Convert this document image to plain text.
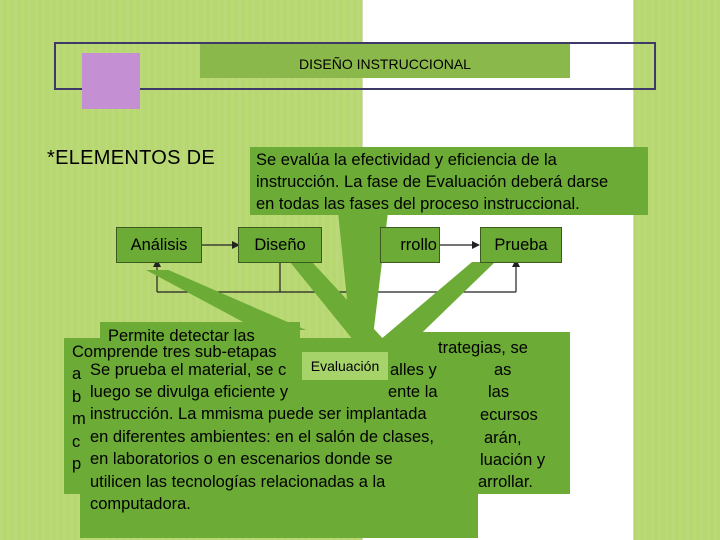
DISEÑO INSTRUCCIONAL
*ELEMENTOS DE
Análisis	Diseño	rrollo	Prueba
Se evalúa la efectividad y eficiencia de la
instrucción. La fase de Evaluación deberá darse
en todas las fases del proceso instruccional.
Permite detectar las
Comprende tres sub-etapas	trategias, se
as
las
ecursos
arán,
luación y
arrollar.
a
b
m
c
p
Se prueba el material, se c	alles y
luego se divulga eficiente y	ente la
instrucción. La mmisma puede ser implantada
en diferentes ambientes: en el salón de clases,
en laboratorios o en escenarios donde se
utilicen las tecnologías relacionadas a la
computadora.
Evaluación
